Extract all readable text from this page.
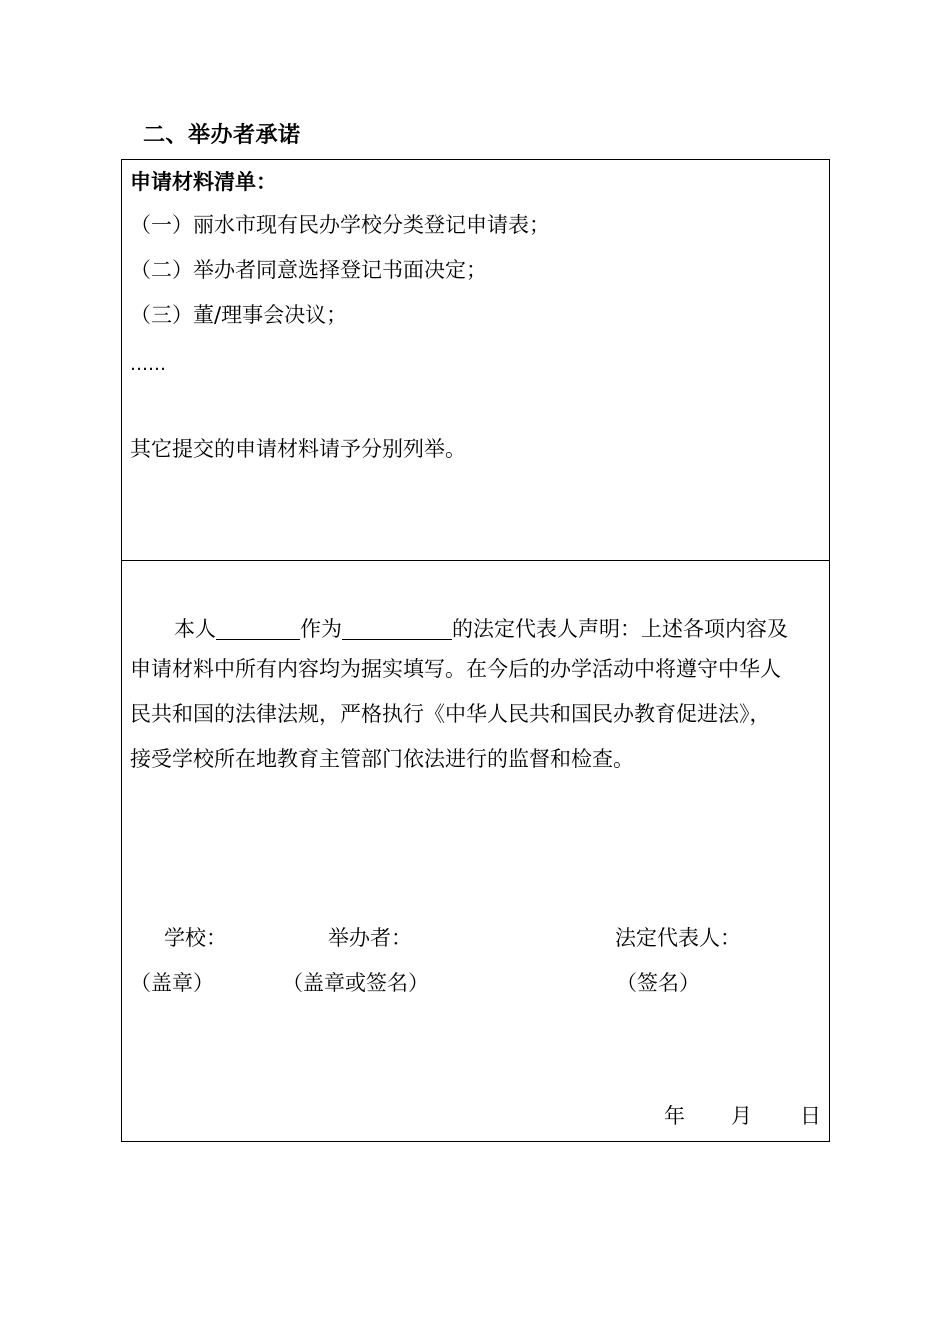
二、举办者承诺
申请材料清单：
（一）丽水市现有民办学校分类登记申请表；
（二）举办者同意选择登记书面决定；
（三）董/理事会决议；
……
其它提交的申请材料请予分别列举。
本人	作为	的法定代表人声明：上述各项内容及
申请材料中所有内容均为据实填写。在今后的办学活动中将遵守中华人
民共和国的法律法规，严格执行《中华人民共和国民办教育促进法》，
接受学校所在地教育主管部门依法进行的监督和检查。
学校：
（盖章）
举办者：
（盖章或签名）
法定代表人：
（签名）
年 月 日
